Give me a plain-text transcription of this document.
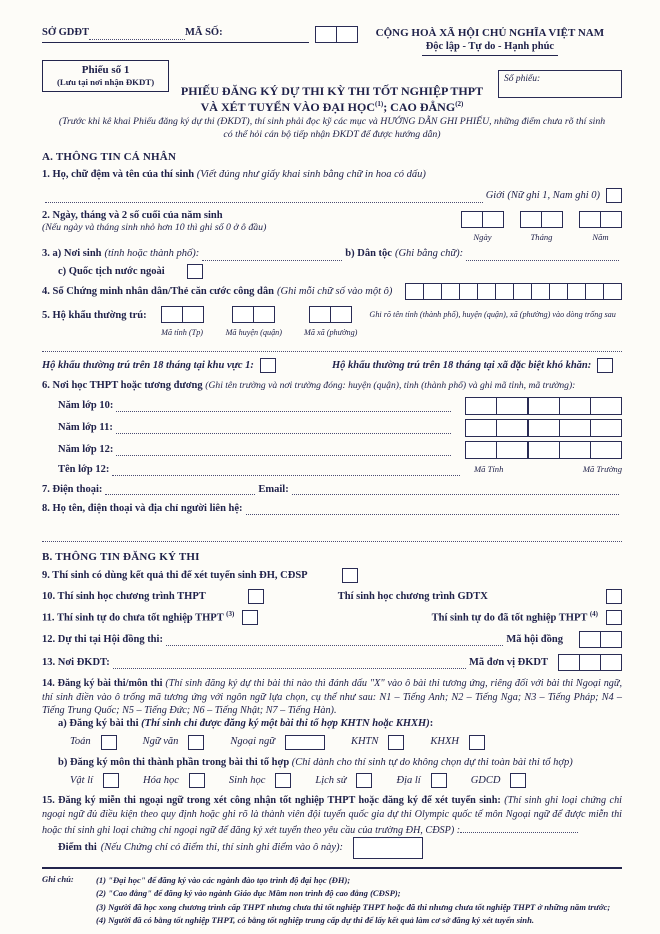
SỞ GDĐT	MÃ SỐ:	CỘNG HOÀ XÃ HỘI CHỦ NGHĨA VIỆT NAM
Độc lập - Tự do - Hạnh phúc
Phiếu số 1
(Lưu tại nơi nhận ĐKDT)	Số phiếu:
PHIẾU ĐĂNG KÝ DỰ THI KỲ THI TỐT NGHIỆP THPT
VÀ XÉT TUYỂN VÀO ĐẠI HỌC$^{(1)}$; CAO ĐẲNG$^{(2)}$
(Trước khi kê khai Phiếu đăng ký dự thi (ĐKDT), thí sinh phải đọc kỹ các mục và HƯỚNG DẪN GHI PHIẾU, những điểm chưa rõ thí sinh có thể hỏi cán bộ tiếp nhận ĐKDT để được hướng dẫn)
A. THÔNG TIN CÁ NHÂN
1. Họ, chữ đệm và tên của thí sinh (Viết đúng như giấy khai sinh bằng chữ in hoa có dấu)
Giới (Nữ ghi 1, Nam ghi 0)
2. Ngày, tháng và 2 số cuối của năm sinh
(Nếu ngày và tháng sinh nhỏ hơn 10 thì ghi số 0 ở ô đầu)
Ngày	Tháng	Năm
3. a) Nơi sinh (tỉnh hoặc thành phố):	b) Dân tộc (Ghi bằng chữ):
c) Quốc tịch nước ngoài
4. Số Chứng minh nhân dân/Thẻ căn cước công dân (Ghi mỗi chữ số vào một ô)
5. Hộ khẩu thường trú:
Mã tỉnh (Tp)	Mã huyện (quận)	Mã xã (phường)
Ghi rõ tên tỉnh (thành phố), huyện (quận), xã (phường) vào dòng trống sau
Hộ khẩu thường trú trên 18 tháng tại khu vực 1:	Hộ khẩu thường trú trên 18 tháng tại xã đặc biệt khó khăn:
6. Nơi học THPT hoặc tương đương (Ghi tên trường và nơi trường đóng: huyện (quận), tỉnh (thành phố) và ghi mã tỉnh, mã trường):
Năm lớp 10:
Năm lớp 11:
Năm lớp 12:
Tên lớp 12:	Mã Tỉnh	Mã Trường
7. Điện thoại:	Email:
8. Họ tên, điện thoại và địa chỉ người liên hệ:
B. THÔNG TIN ĐĂNG KÝ THI
9. Thí sinh có dùng kết quả thi để xét tuyển sinh ĐH, CĐSP
10. Thí sinh học chương trình THPT	Thí sinh học chương trình GDTX
11. Thí sinh tự do chưa tốt nghiệp THPT $^{(3)}$	Thí sinh tự do đã tốt nghiệp THPT $^{(4)}$
12. Dự thi tại Hội đồng thi:	Mã hội đồng
13. Nơi ĐKDT:	Mã đơn vị ĐKDT
14. Đăng ký bài thi/môn thi (Thí sinh đăng ký dự thi bài thi nào thì đánh dấu "X" vào ô bài thi tương ứng, riêng đối với bài thi Ngoại ngữ, thí sinh điền vào ô trống mã tương ứng với ngôn ngữ lựa chọn, cụ thể như sau: N1 – Tiếng Anh; N2 – Tiếng Nga; N3 – Tiếng Pháp; N4 – Tiếng Trung Quốc; N5 – Tiếng Đức; N6 – Tiếng Nhật; N7 – Tiếng Hàn).
a) Đăng ký bài thi (Thí sinh chỉ được đăng ký một bài thi tổ hợp KHTN hoặc KHXH):
Toán	Ngữ văn	Ngoại ngữ	KHTN	KHXH
b) Đăng ký môn thi thành phần trong bài thi tổ hợp (Chỉ dành cho thí sinh tự do không chọn dự thi toàn bài thi tổ hợp)
Vật lí	Hóa học	Sinh học	Lịch sử	Địa lí	GDCD
15. Đăng ký miễn thi ngoại ngữ trong xét công nhận tốt nghiệp THPT hoặc đăng ký để xét tuyển sinh: (Thí sinh ghi loại chứng chỉ ngoại ngữ đủ điều kiện theo quy định hoặc ghi rõ là thành viên đội tuyển quốc gia dự thi Olympic quốc tế môn Ngoại ngữ để được miễn thi hoặc thí sinh ghi loại chứng chỉ ngoại ngữ để đăng ký xét tuyển theo yêu cầu của trường ĐH, CĐSP) :
Điểm thi (Nếu Chứng chỉ có điểm thi, thí sinh ghi điểm vào ô này):
Ghi chú:	(1) "Đại học" để đăng ký vào các ngành đào tạo trình độ đại học (ĐH);
(2) "Cao đẳng" để đăng ký vào ngành Giáo dục Mầm non trình độ cao đẳng (CĐSP);
(3) Người đã học xong chương trình cấp THPT nhưng chưa thi tốt nghiệp THPT hoặc đã thi nhưng chưa tốt nghiệp THPT ở những năm trước;
(4) Người đã có bằng tốt nghiệp THPT, có bằng tốt nghiệp trung cấp dự thi để lấy kết quả làm cơ sở đăng ký xét tuyển sinh.
